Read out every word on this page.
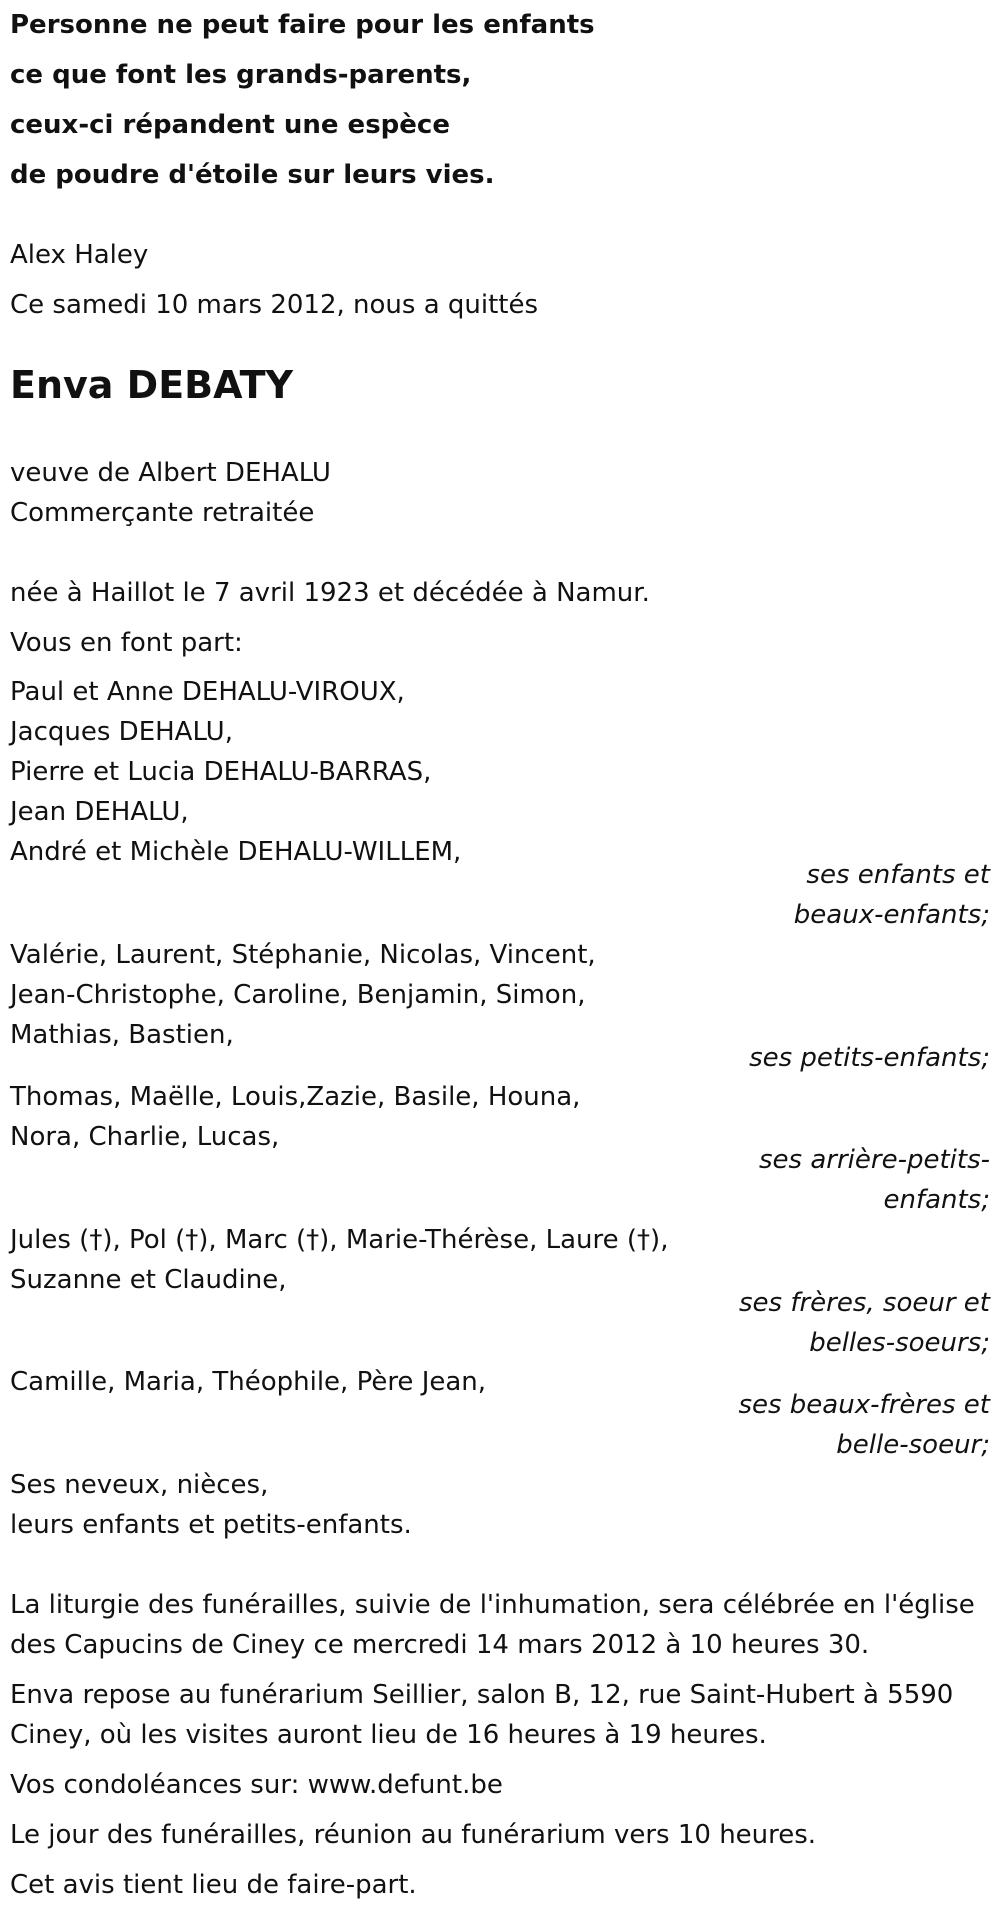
Personne ne peut faire pour les enfants
ce que font les grands-parents,
ceux-ci répandent une espèce
de poudre d'étoile sur leurs vies.
Alex Haley
Ce samedi 10 mars 2012, nous a quittés
Enva DEBATY
veuve de Albert DEHALU
Commerçante retraitée
née à Haillot le 7 avril 1923 et décédée à Namur.
Vous en font part:
Paul et Anne DEHALU-VIROUX,
Jacques DEHALU,
Pierre et Lucia DEHALU-BARRAS,
Jean DEHALU,
André et Michèle DEHALU-WILLEM,
ses enfants et
beaux-enfants;
Valérie, Laurent, Stéphanie, Nicolas, Vincent,
Jean-Christophe, Caroline, Benjamin, Simon,
Mathias, Bastien,
ses petits-enfants;
Thomas, Maëlle, Louis,Zazie, Basile, Houna,
Nora, Charlie, Lucas,
ses arrière-petits-
enfants;
Jules (†), Pol (†), Marc (†), Marie-Thérèse, Laure (†),
Suzanne et Claudine,
ses frères, soeur et
belles-soeurs;
Camille, Maria, Théophile, Père Jean,
ses beaux-frères et
belle-soeur;
Ses neveux, nièces,
leurs enfants et petits-enfants.
La liturgie des funérailles, suivie de l'inhumation, sera célébrée en l'église
des Capucins de Ciney ce mercredi 14 mars 2012 à 10 heures 30.
Enva repose au funérarium Seillier, salon B, 12, rue Saint-Hubert à 5590
Ciney, où les visites auront lieu de 16 heures à 19 heures.
Vos condoléances sur: www.defunt.be
Le jour des funérailles, réunion au funérarium vers 10 heures.
Cet avis tient lieu de faire-part.
